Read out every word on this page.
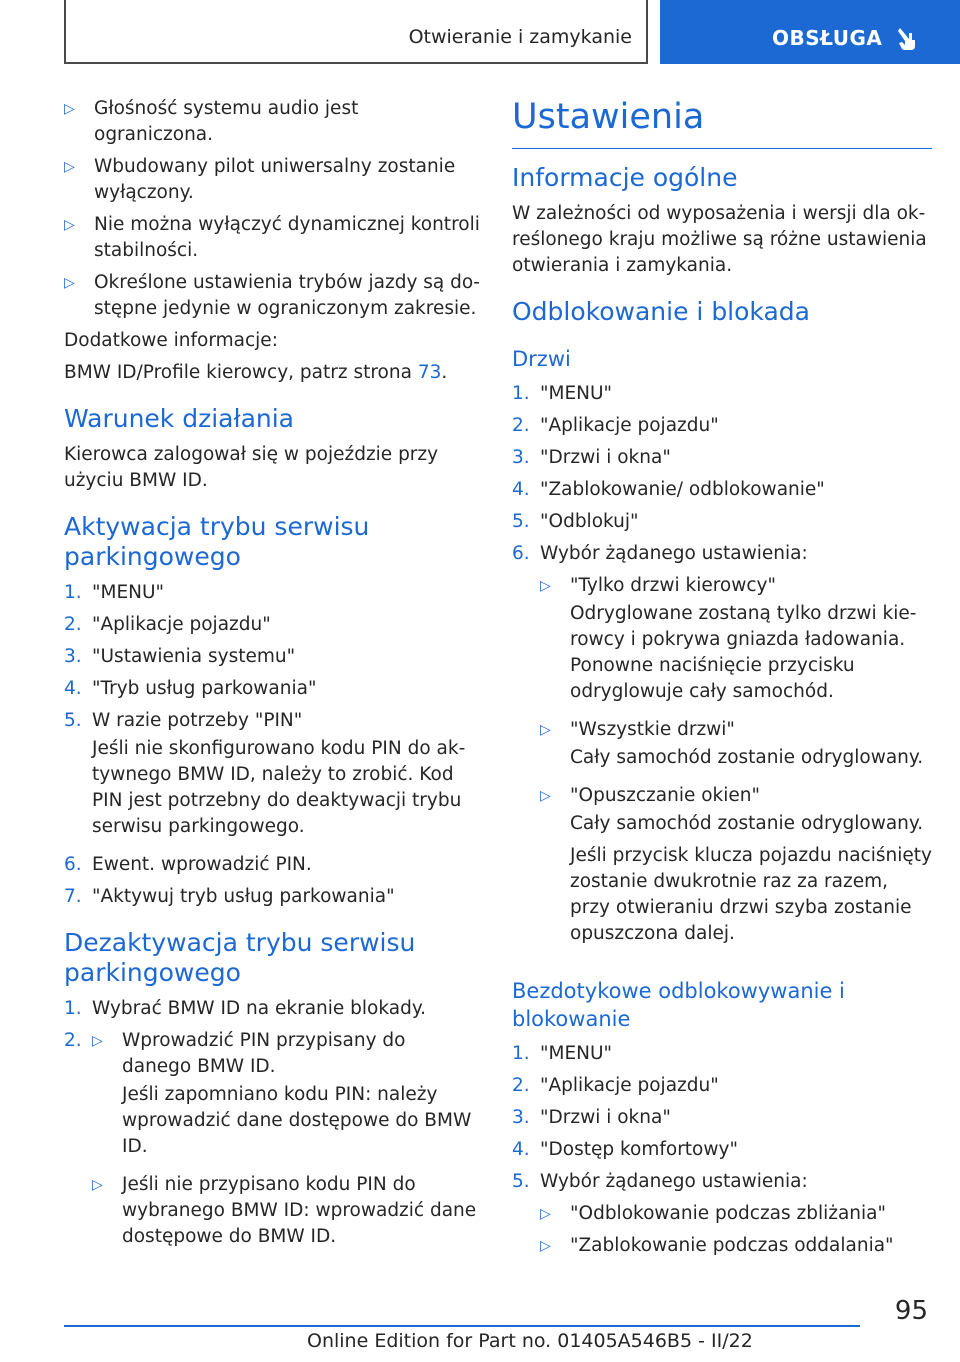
Otwieranie i zamykanie	OBSŁUGA
▷	Głośność systemu audio jest ograniczona.
▷	Wbudowany pilot uniwersalny zostanie wyłączony.
▷	Nie można wyłączyć dynamicznej kontroli stabilności.
▷	Określone ustawienia trybów jazdy są dostępne jedynie w ograniczonym zakresie.

Dodatkowe informacje:

BMW ID/Profile kierowcy, patrz strona 73.

Warunek działania

Kierowca zalogował się w pojeździe przy użyciu BMW ID.

Aktywacja trybu serwisu parkingowego
1. "MENU"
2. "Aplikacje pojazdu"
3. "Ustawienia systemu"
4. "Tryb usług parkowania"
5. W razie potrzeby "PIN"
Jeśli nie skonfigurowano kodu PIN do aktywnego BMW ID, należy to zrobić. Kod PIN jest potrzebny do deaktywacji trybu serwisu parkingowego.
6. Ewent. wprowadzić PIN.
7. "Aktywuj tryb usług parkowania"
Dezaktywacja trybu serwisu parkingowego
1. Wybrać BMW ID na ekranie blokady.
2. ▷	Wprowadzić PIN przypisany do danego BMW ID.
Jeśli zapomniano kodu PIN: należy wprowadzić dane dostępowe do BMW ID.
▷	Jeśli nie przypisano kodu PIN do wybranego BMW ID: wprowadzić dane dostępowe do BMW ID.
Ustawienia
Informacje ogólne

W zależności od wyposażenia i wersji dla określonego kraju możliwe są różne ustawienia otwierania i zamykania.

Odblokowanie i blokada
Drzwi
1. "MENU"
2. "Aplikacje pojazdu"
3. "Drzwi i okna"
4. "Zablokowanie/ odblokowanie"
5. "Odblokuj"
6. Wybór żądanego ustawienia:
▷	"Tylko drzwi kierowcy"
Odryglowane zostaną tylko drzwi kierowcy i pokrywa gniazda ładowania. Ponowne naciśnięcie przycisku odryglowuje cały samochód.
▷	"Wszystkie drzwi"
Cały samochód zostanie odryglowany.
▷	"Opuszczanie okien"
Cały samochód zostanie odryglowany.
Jeśli przycisk klucza pojazdu naciśnięty zostanie dwukrotnie raz za razem, przy otwieraniu drzwi szyba zostanie opuszczona dalej.
Bezdotykowe odblokowywanie i blokowanie
1. "MENU"
2. "Aplikacje pojazdu"
3. "Drzwi i okna"
4. "Dostęp komfortowy"
5. Wybór żądanego ustawienia:
▷	"Odblokowanie podczas zbliżania"
▷	"Zablokowanie podczas oddalania"
95
Online Edition for Part no. 01405A546B5 - II/22
